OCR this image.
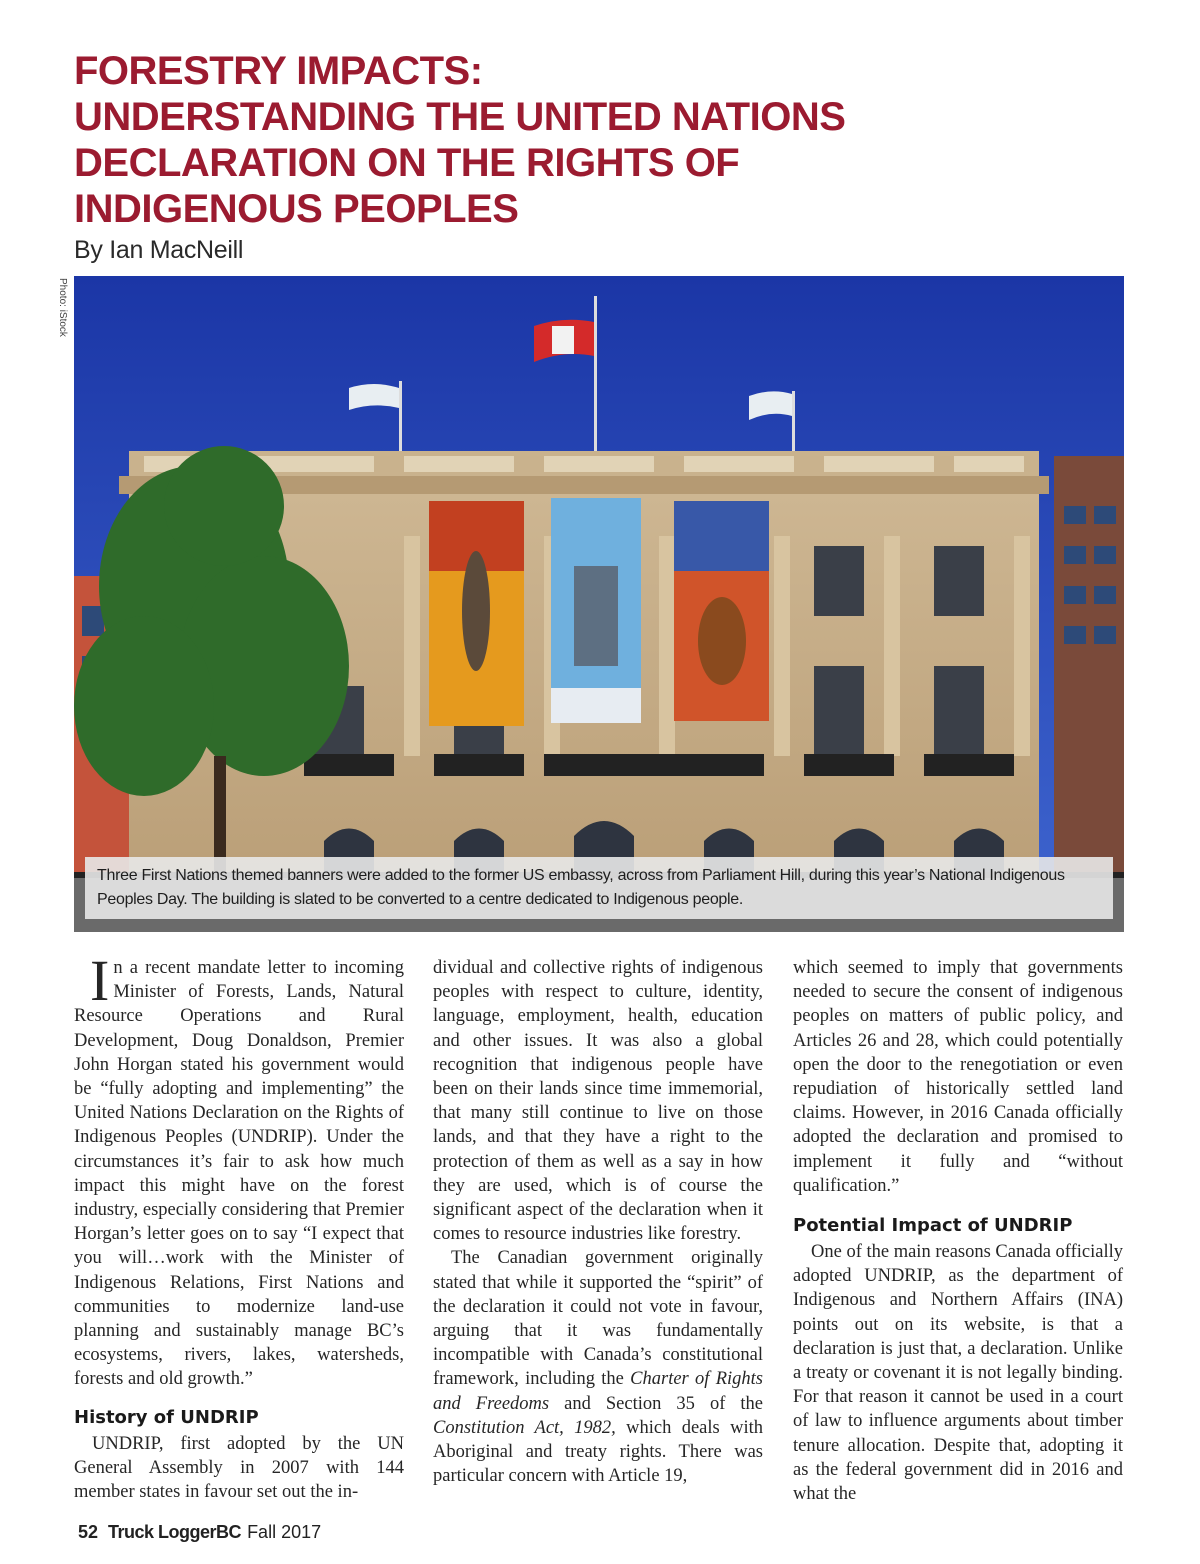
FORESTRY IMPACTS:
UNDERSTANDING THE UNITED NATIONS
DECLARATION ON THE RIGHTS OF
INDIGENOUS PEOPLES
By Ian MacNeill
Photo: iStock
Three First Nations themed banners were added to the former US embassy, across from Parliament Hill, during this year’s National Indigenous Peoples Day. The building is slated to be converted to a centre dedicated to Indigenous people.

In a recent mandate letter to incoming Minister of Forests, Lands, Natural Resource Operations and Rural Development, Doug Donaldson, Premier John Horgan stated his government would be “fully adopting and implementing” the United Nations Declaration on the Rights of Indigenous Peoples (UNDRIP). Under the circumstances it’s fair to ask how much impact this might have on the forest industry, especially considering that Premier Horgan’s letter goes on to say “I expect that you will…work with the Minister of Indigenous Relations, First Nations and communities to modernize land-use planning and sustainably manage BC’s ecosystems, rivers, lakes, watersheds, forests and old growth.”

History of UNDRIP

UNDRIP, first adopted by the UN General Assembly in 2007 with 144 member states in favour set out the in-

dividual and collective rights of indigenous peoples with respect to culture, identity, language, employment, health, education and other issues. It was also a global recognition that indigenous people have been on their lands since time immemorial, that many still continue to live on those lands, and that they have a right to the protection of them as well as a say in how they are used, which is of course the significant aspect of the declaration when it comes to resource industries like forestry.

The Canadian government originally stated that while it supported the “spirit” of the declaration it could not vote in favour, arguing that it was fundamentally incompatible with Canada’s constitutional framework, including the Charter of Rights and Freedoms and Section 35 of the Constitution Act, 1982, which deals with Aboriginal and treaty rights. There was particular concern with Article 19,

which seemed to imply that governments needed to secure the consent of indigenous peoples on matters of public policy, and Articles 26 and 28, which could potentially open the door to the renegotiation or even repudiation of historically settled land claims. However, in 2016 Canada officially adopted the declaration and promised to implement it fully and “without qualification.”

Potential Impact of UNDRIP

One of the main reasons Canada officially adopted UNDRIP, as the department of Indigenous and Northern Affairs (INA) points out on its website, is that a declaration is just that, a declaration. Unlike a treaty or covenant it is not legally binding. For that reason it cannot be used in a court of law to influence arguments about timber tenure allocation. Despite that, adopting it as the federal government did in 2016 and what the

52 Truck LoggerBC Fall 2017
